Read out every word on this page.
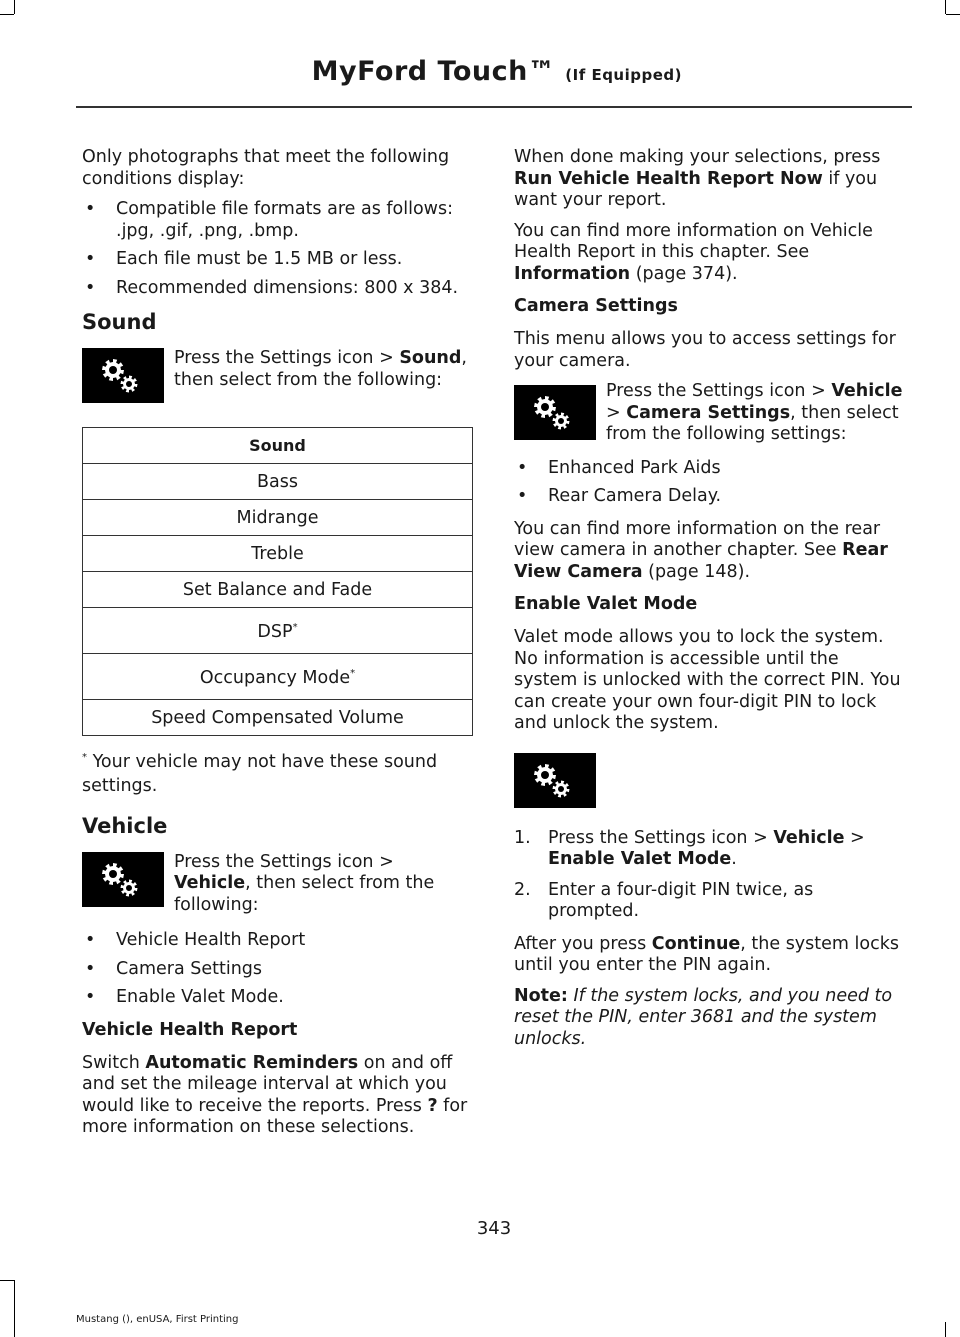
MyFord Touch™ (If Equipped)

Only photographs that meet the following conditions display:

• Compatible file formats are as follows: .jpg, .gif, .png, .bmp.
• Each file must be 1.5 MB or less.
• Recommended dimensions: 800 x 384.
Sound
Press the Settings icon > Sound, then select from the following:
Sound
Bass
Midrange
Treble
Set Balance and Fade
DSP*
Occupancy Mode*
Speed Compensated Volume
* Your vehicle may not have these sound settings.
Vehicle
Press the Settings icon > Vehicle, then select from the following:
• Vehicle Health Report
• Camera Settings
• Enable Valet Mode.
Vehicle Health Report

Switch Automatic Reminders on and off and set the mileage interval at which you would like to receive the reports. Press ? for more information on these selections.

When done making your selections, press Run Vehicle Health Report Now if you want your report.

You can find more information on Vehicle Health Report in this chapter. See Information (page 374).

Camera Settings

This menu allows you to access settings for your camera.

Press the Settings icon > Vehicle > Camera Settings, then select from the following settings:
• Enhanced Park Aids
• Rear Camera Delay.

You can find more information on the rear view camera in another chapter. See Rear View Camera (page 148).

Enable Valet Mode

Valet mode allows you to lock the system. No information is accessible until the system is unlocked with the correct PIN. You can create your own four-digit PIN to lock and unlock the system.

1. Press the Settings icon > Vehicle > Enable Valet Mode.
2. Enter a four-digit PIN twice, as prompted.

After you press Continue, the system locks until you enter the PIN again.

Note: If the system locks, and you need to reset the PIN, enter 3681 and the system unlocks.

343
Mustang (), enUSA, First Printing
